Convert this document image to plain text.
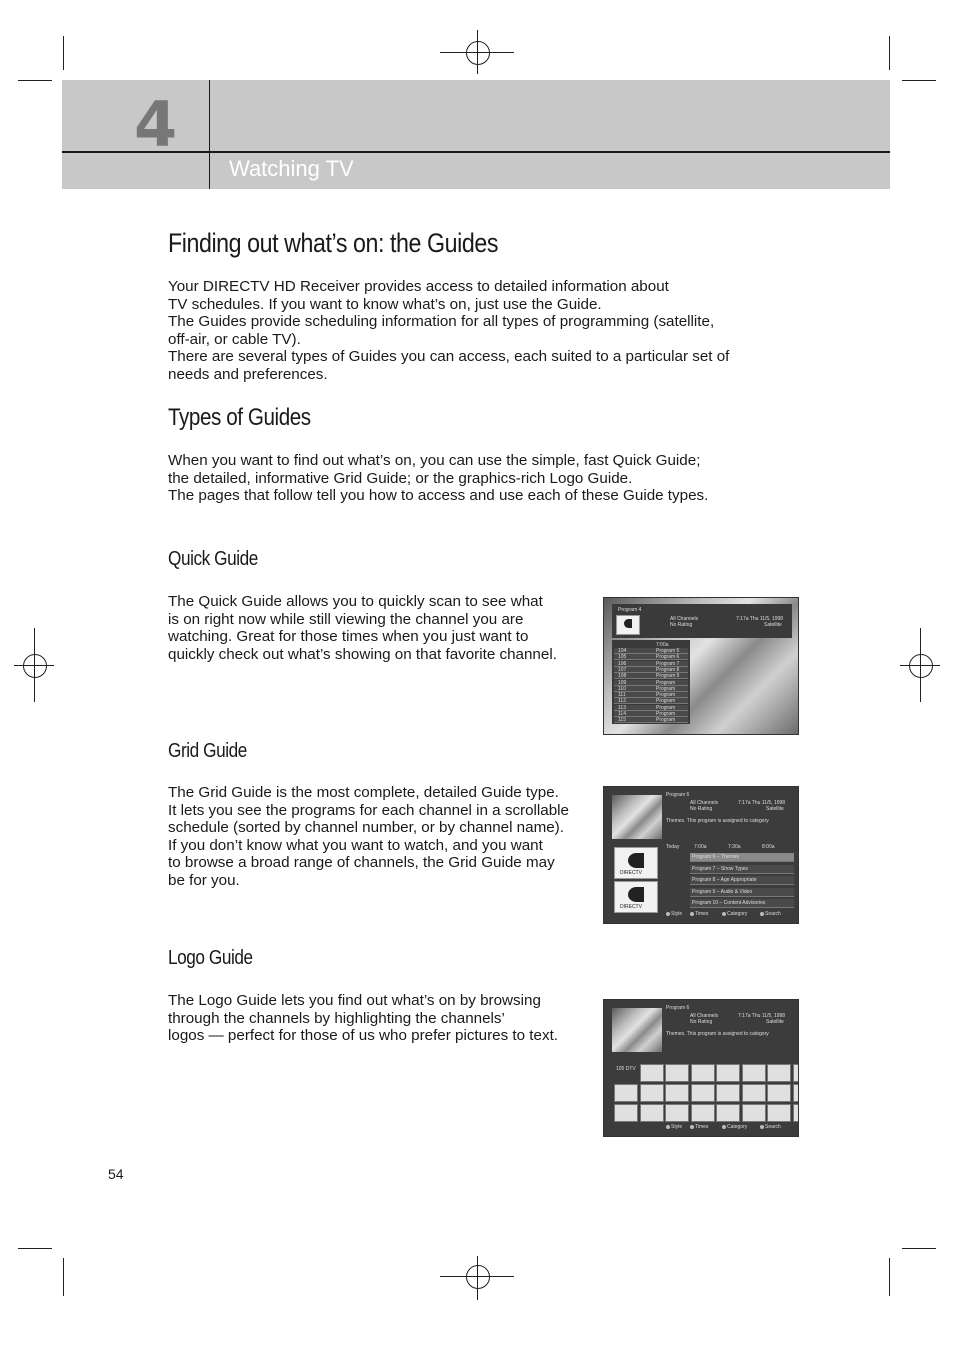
4
Watching TV
Finding out what’s on: the Guides

Your DIRECTV HD Receiver provides access to detailed information about
TV schedules. If you want to know what’s on, just use the Guide.
The Guides provide scheduling information for all types of programming (satellite,
off-air, or cable TV).
There are several types of Guides you can access, each suited to a particular set of
needs and preferences.

Types of Guides

When you want to find out what’s on, you can use the simple, fast Quick Guide;
the detailed, informative Grid Guide; or the graphics-rich Logo Guide.
The pages that follow tell you how to access and use each of these Guide types.

Quick Guide

The Quick Guide allows you to quickly scan to see what
is on right now while still viewing the channel you are
watching. Great for those times when you just want to
quickly check out what’s showing on that favorite channel.

Grid Guide

The Grid Guide is the most complete, detailed Guide type.
It lets you see the programs for each channel in a scrollable
schedule (sorted by channel number, or by channel name).
If you don’t know what you want to watch, and you want
to browse a broad range of channels, the Grid Guide may
be for you.

Logo Guide

The Logo Guide lets you find out what’s on by browsing
through the channels by highlighting the channels’
logos — perfect for those of us who prefer pictures to text.

Program 4
All Channels
No Rating
7:17a Thu 11/5, 1998
Satellite
7:00a
104	Program 5
105	Program 6
106	Program 7
107	Program 8
108	Program 9
109	Program
110	Program
111	Program
112	Program
113	Program
114	Program
115	Program
Program 6
All Channels
No Rating
7:17a Thu 11/5, 1998
Satellite
Themes. This program is assigned to category
DIRECTV
DIRECTV
Today	7:00a	7:30a	8:00a
Program 6 – Themes
Program 7 – Show Types
Program 8 – Age Appropriate
Program 9 – Audio & Video
Program 10 – Content Advisories
Style	Times	Category	Search
Program 6
All Channels
No Rating
7:17a Thu 11/5, 1998
Satellite
Themes. This program is assigned to category
105 DTV
Style	Times	Category	Search
54
